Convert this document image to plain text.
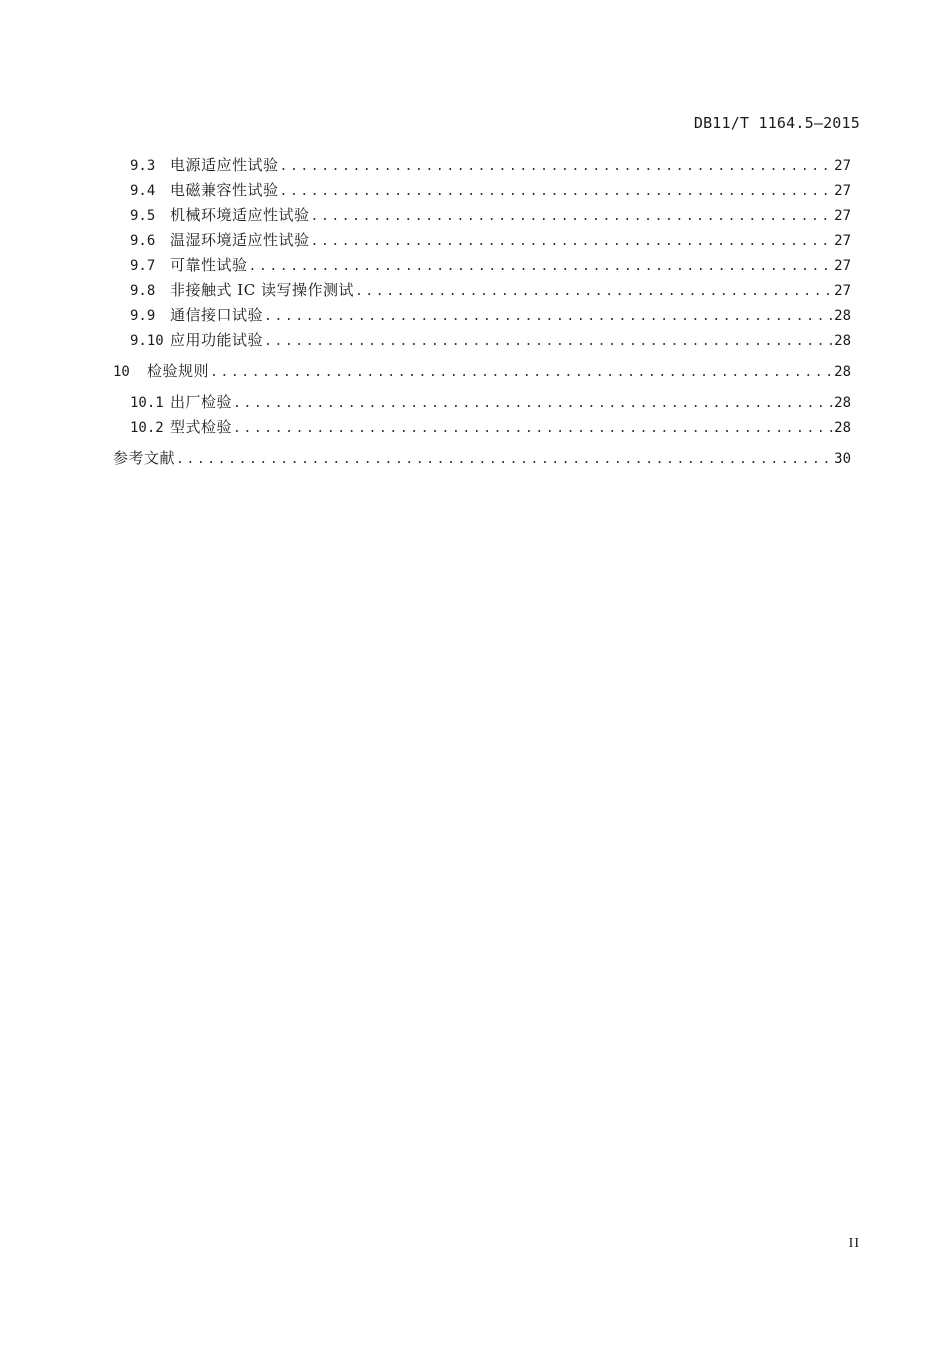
DB11/T 1164.5—2015
9.3 电源适应性试验 .....	27
9.4 电磁兼容性试验 .....	27
9.5 机械环境适应性试验 .....	27
9.6 温湿环境适应性试验 .....	27
9.7 可靠性试验 .....	27
9.8 非接触式 IC 读写操作测试 .....	27
9.9 通信接口试验 .....	28
9.10 应用功能试验 .....	28
10	检验规则 .....	28
10.1 出厂检验 .....	28
10.2 型式检验 .....	28
参考文献 .....	30
II
